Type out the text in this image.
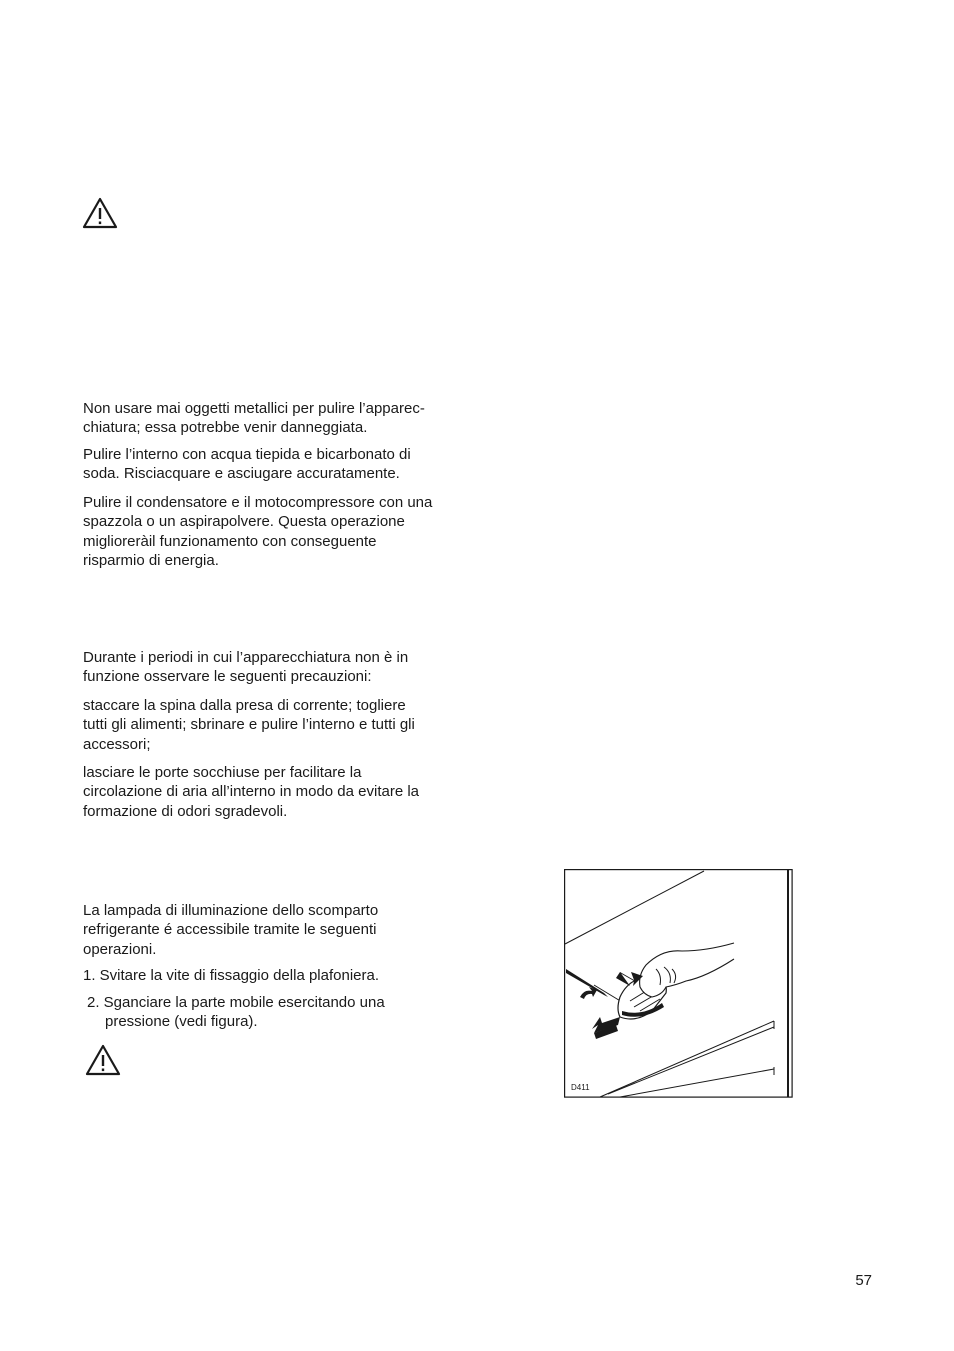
Non usare mai oggetti metallici per pulire l’apparec-
chiatura; essa potrebbe venir danneggiata.

Pulire l’interno con acqua tiepida e bicarbonato di
soda. Risciacquare e asciugare accuratamente.

Pulire il condensatore e il motocompressore con una
spazzola o un aspirapolvere. Questa operazione
miglioreràil funzionamento con conseguente
risparmio di energia.

Durante i periodi in cui l’apparecchiatura non è in
funzione osservare le seguenti precauzioni:

staccare la spina dalla presa di corrente; togliere
tutti gli alimenti; sbrinare e pulire l’interno e tutti gli
accessori;

lasciare le porte socchiuse per facilitare la
circolazione di aria all’interno in modo da evitare la
formazione di odori sgradevoli.

La lampada di illuminazione dello scomparto
refrigerante é accessibile tramite le seguenti
operazioni.

1. Svitare la vite di fissaggio della plafoniera.

2. Sganciare la parte mobile esercitando una
pressione (vedi figura).

D411
57
